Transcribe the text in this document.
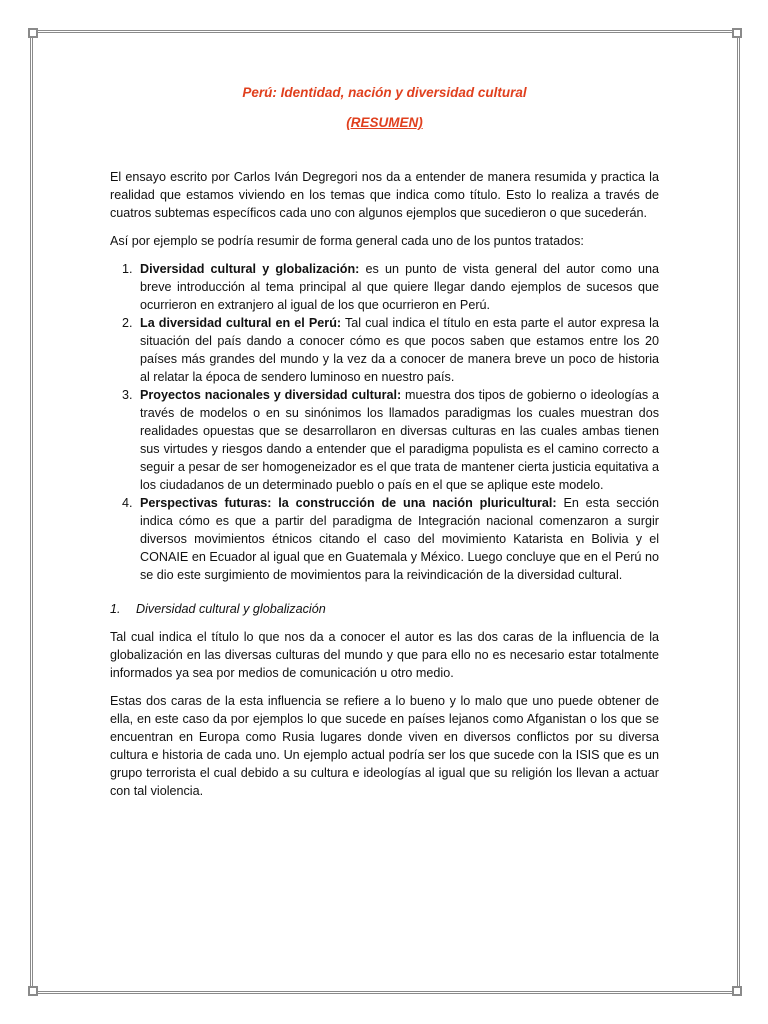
Perú: Identidad, nación y diversidad cultural
(RESUMEN)

El ensayo escrito por Carlos Iván Degregori nos da a entender de manera resumida y practica la realidad que estamos viviendo en los temas que indica como título. Esto lo realiza a través de cuatros subtemas específicos cada uno con algunos ejemplos que sucedieron o que sucederán.

Así por ejemplo se podría resumir de forma general cada uno de los puntos tratados:

1. Diversidad cultural y globalización: es un punto de vista general del autor como una breve introducción al tema principal al que quiere llegar dando ejemplos de sucesos que ocurrieron en extranjero al igual de los que ocurrieron en Perú.
2. La diversidad cultural en el Perú: Tal cual indica el título en esta parte el autor expresa la situación del país dando a conocer cómo es que pocos saben que estamos entre los 20 países más grandes del mundo y la vez da a conocer de manera breve un poco de historia al relatar la época de sendero luminoso en nuestro país.
3. Proyectos nacionales y diversidad cultural: muestra dos tipos de gobierno o ideologías a través de modelos o en su sinónimos los llamados paradigmas los cuales muestran dos realidades opuestas que se desarrollaron en diversas culturas en las cuales ambas tienen sus virtudes y riesgos dando a entender que el paradigma populista es el camino correcto a seguir a pesar de ser homogeneizador es el que trata de mantener cierta justicia equitativa a los ciudadanos de un determinado pueblo o país en el que se aplique este modelo.
4. Perspectivas futuras: la construcción de una nación pluricultural: En esta sección indica cómo es que a partir del paradigma de Integración nacional comenzaron a surgir diversos movimientos étnicos citando el caso del movimiento Katarista en Bolivia y el CONAIE en Ecuador al igual que en Guatemala y México. Luego concluye que en el Perú no se dio este surgimiento de movimientos para la reivindicación de la diversidad cultural.
1.	Diversidad cultural y globalización

Tal cual indica el título lo que nos da a conocer el autor es las dos caras de la influencia de la globalización en las diversas culturas del mundo y que para ello no es necesario estar totalmente informados ya sea por medios de comunicación u otro medio.

Estas dos caras de la esta influencia se refiere a lo bueno y lo malo que uno puede obtener de ella, en este caso da por ejemplos lo que sucede en países lejanos como Afganistan o los que se encuentran en Europa como Rusia lugares donde viven en diversos conflictos por su diversa cultura e historia de cada uno. Un ejemplo actual podría ser los que sucede con la ISIS que es un grupo terrorista el cual debido a su cultura e ideologías al igual que su religión los llevan a actuar con tal violencia.
